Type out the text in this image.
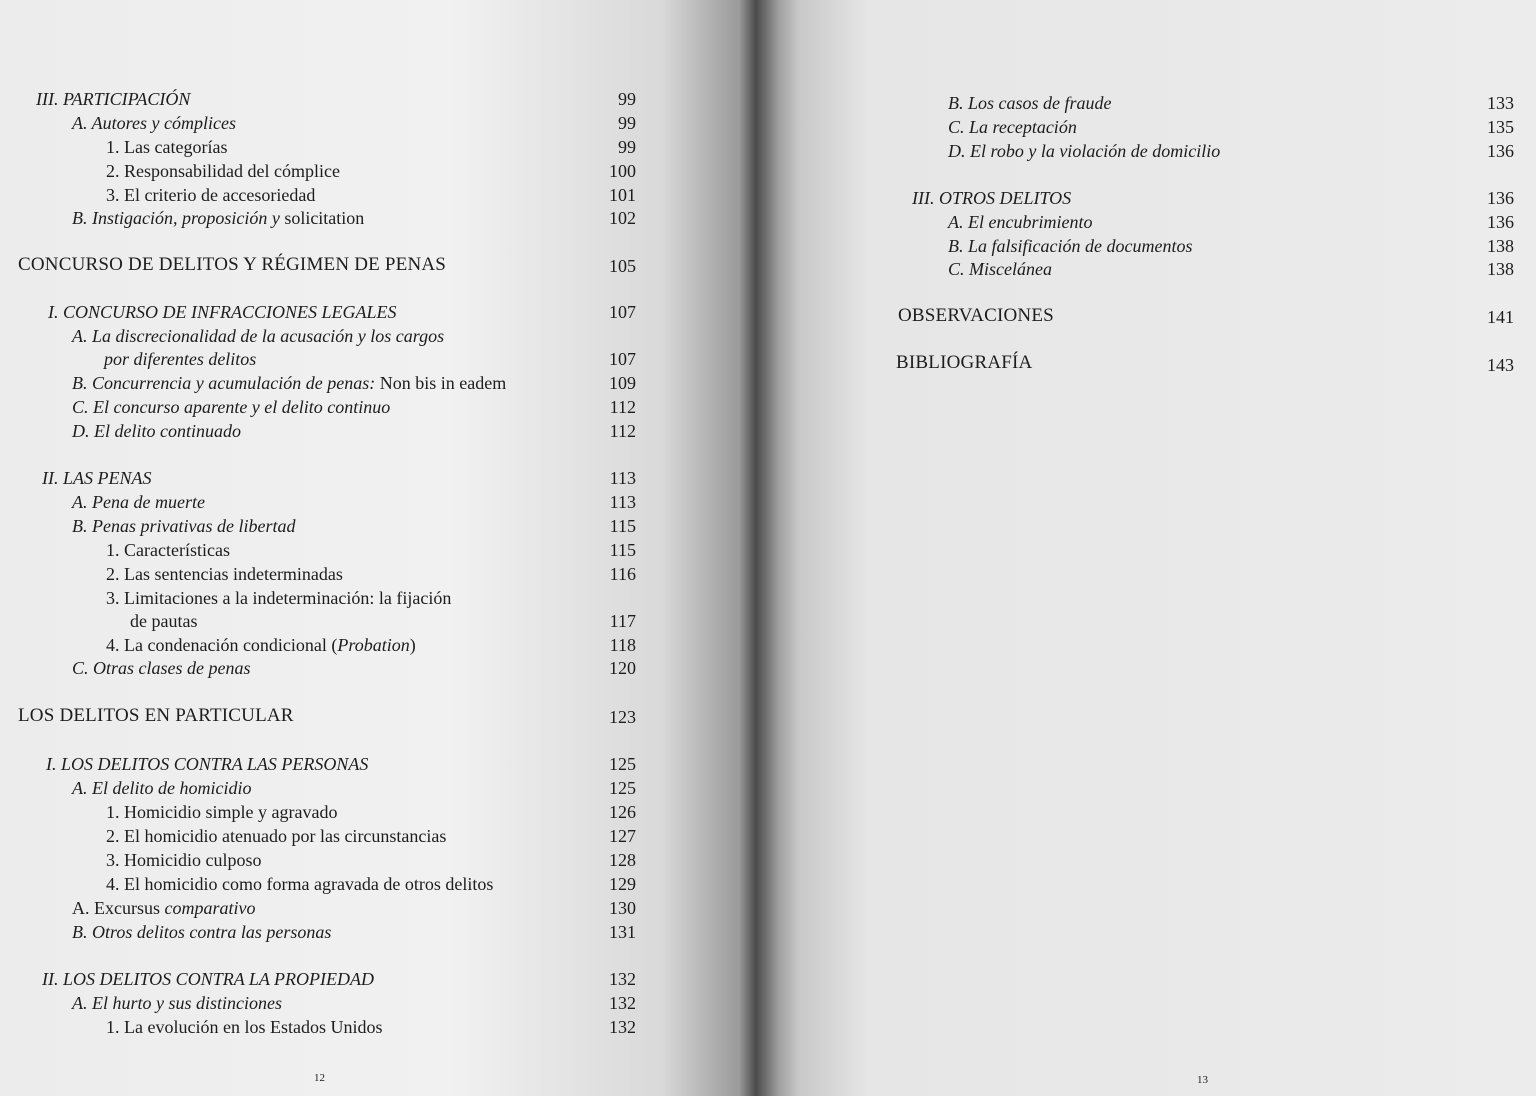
III. PARTICIPACIÓN	99
A. Autores y cómplices	99
1. Las categorías	99
2. Responsabilidad del cómplice	100
3. El criterio de accesoriedad	101
B. Instigación, proposición y solicitation	102
CONCURSO DE DELITOS Y RÉGIMEN DE PENAS	105
I. CONCURSO DE INFRACCIONES LEGALES	107
A. La discrecionalidad de la acusación y los cargos
por diferentes delitos	107
B. Concurrencia y acumulación de penas: Non bis in eadem	109
C. El concurso aparente y el delito continuo	112
D. El delito continuado	112
II. LAS PENAS	113
A. Pena de muerte	113
B. Penas privativas de libertad	115
1. Características	115
2. Las sentencias indeterminadas	116
3. Limitaciones a la indeterminación: la fijación
de pautas	117
4. La condenación condicional (Probation)	118
C. Otras clases de penas	120
LOS DELITOS EN PARTICULAR	123
I. LOS DELITOS CONTRA LAS PERSONAS	125
A. El delito de homicidio	125
1. Homicidio simple y agravado	126
2. El homicidio atenuado por las circunstancias	127
3. Homicidio culposo	128
4. El homicidio como forma agravada de otros delitos	129
A. Excursus comparativo	130
B. Otros delitos contra las personas	131
II. LOS DELITOS CONTRA LA PROPIEDAD	132
A. El hurto y sus distinciones	132
1. La evolución en los Estados Unidos	132
12
B. Los casos de fraude	133
C. La receptación	135
D. El robo y la violación de domicilio	136
III. OTROS DELITOS	136
A. El encubrimiento	136
B. La falsificación de documentos	138
C. Miscelánea	138
OBSERVACIONES	141
BIBLIOGRAFÍA	143
13
